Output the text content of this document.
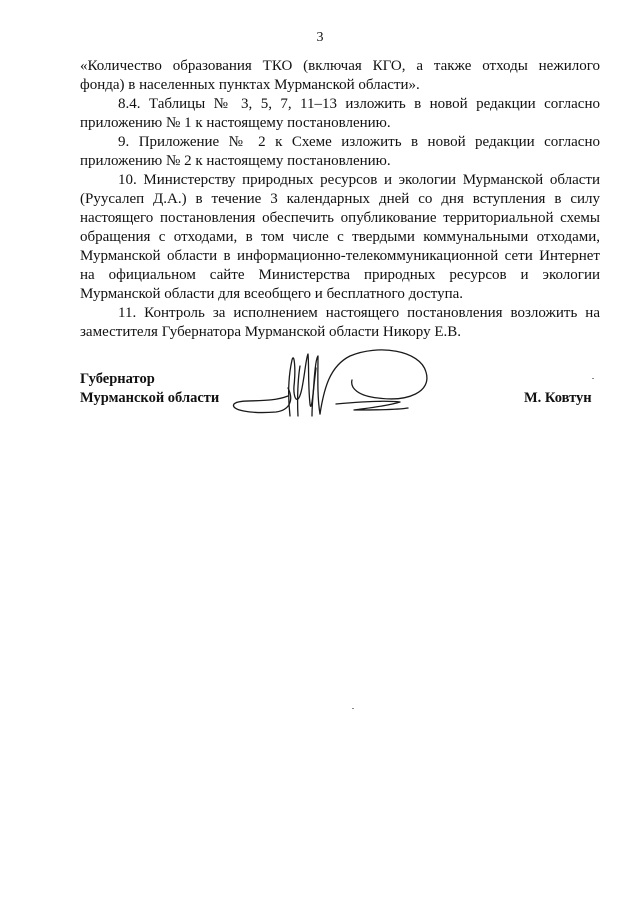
3
«Количество образования ТКО (включая КГО, а также отходы нежилого
фонда) в населенных пунктах Мурманской области».
8.4. Таблицы № 3, 5, 7, 11–13 изложить в новой редакции согласно
приложению № 1 к настоящему постановлению.
9. Приложение № 2 к Схеме изложить в новой редакции согласно
приложению № 2 к настоящему постановлению.
10. Министерству природных ресурсов и экологии Мурманской области
(Руусалеп Д.А.) в течение 3 календарных дней со дня вступления в силу
настоящего постановления обеспечить опубликование территориальной схемы
обращения с отходами, в том числе с твердыми коммунальными отходами,
Мурманской области в информационно-телекоммуникационной сети Интернет
на официальном сайте Министерства природных ресурсов и экологии
Мурманской области для всеобщего и бесплатного доступа.
11. Контроль за исполнением настоящего постановления возложить на
заместителя Губернатора Мурманской области Никору Е.В.
Губернатор
Мурманской области	М. Ковтун
